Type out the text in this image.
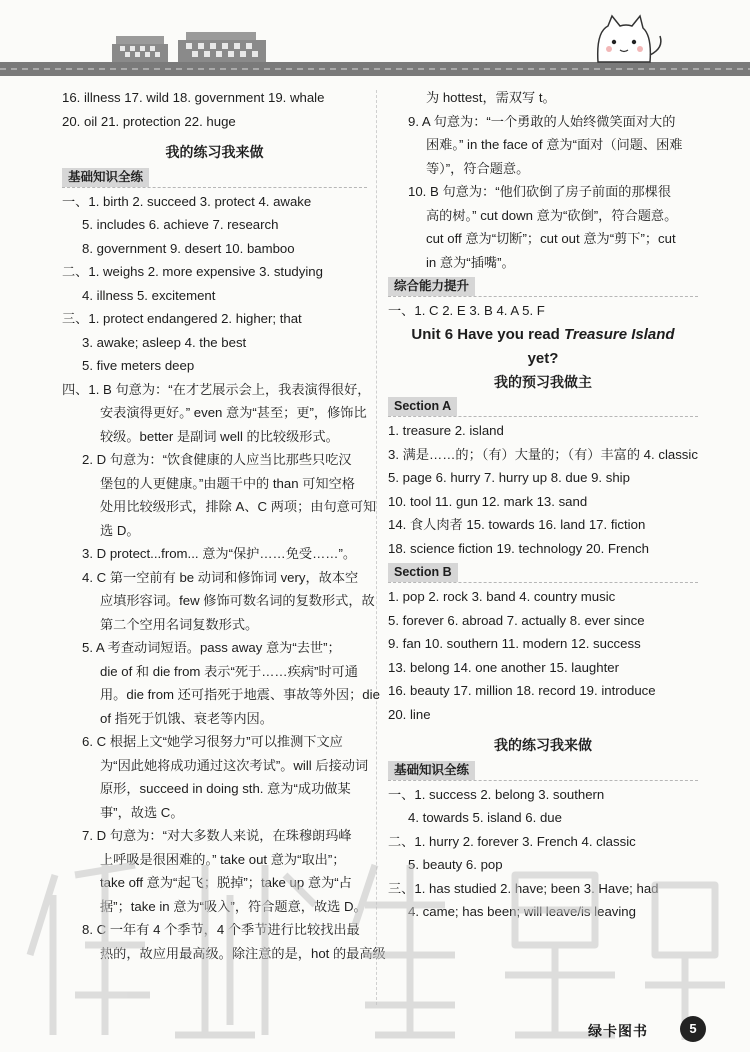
16. illness 17. wild 18. government 19. whale
20. oil 21. protection 22. huge
我的练习我来做
基础知识全练
一、1. birth 2. succeed 3. protect 4. awake
5. includes 6. achieve 7. research
8. government 9. desert 10. bamboo
二、1. weighs 2. more expensive 3. studying
4. illness 5. excitement
三、1. protect endangered 2. higher; that
3. awake; asleep 4. the best
5. five meters deep
四、1. B 句意为：“在才艺展示会上，我表演得很好，
安表演得更好。” even 意为“甚至；更”，修饰比
较级。better 是副词 well 的比较级形式。
2. D 句意为：“饮食健康的人应当比那些只吃汉
堡包的人更健康。”由题干中的 than 可知空格
处用比较级形式，排除 A、C 两项；由句意可知
选 D。
3. D protect...from... 意为“保护……免受……”。
4. C 第一空前有 be 动词和修饰词 very，故本空
应填形容词。few 修饰可数名词的复数形式，故
第二个空用名词复数形式。
5. A 考查动词短语。pass away 意为“去世”；
die of 和 die from 表示“死于……疾病”时可通
用。die from 还可指死于地震、事故等外因；die
of 指死于饥饿、衰老等内因。
6. C 根据上文“她学习很努力”可以推测下文应
为“因此她将成功通过这次考试”。will 后接动词
原形，succeed in doing sth. 意为“成功做某
事”，故选 C。
7. D 句意为：“对大多数人来说，在珠穆朗玛峰
上呼吸是很困难的。” take out 意为“取出”；
take off 意为“起飞；脱掉”；take up 意为“占
据”；take in 意为“吸入”，符合题意，故选 D。
8. C 一年有 4 个季节，4 个季节进行比较找出最
热的，故应用最高级。除注意的是，hot 的最高级
为 hottest，需双写 t。
9. A 句意为：“一个勇敢的人始终微笑面对大的
困难。” in the face of 意为“面对（问题、困难
等）”，符合题意。
10. B 句意为：“他们砍倒了房子前面的那棵很
高的树。” cut down 意为“砍倒”，符合题意。
cut off 意为“切断”；cut out 意为“剪下”；cut
in 意为“插嘴”。
综合能力提升
一、1. C 2. E 3. B 4. A 5. F
Unit 6 Have you read Treasure Island
yet?
我的预习我做主
Section A
1. treasure 2. island
3. 满是……的；（有）大量的；（有）丰富的 4. classic
5. page 6. hurry 7. hurry up 8. due 9. ship
10. tool 11. gun 12. mark 13. sand
14. 食人肉者 15. towards 16. land 17. fiction
18. science fiction 19. technology 20. French
Section B
1. pop 2. rock 3. band 4. country music
5. forever 6. abroad 7. actually 8. ever since
9. fan 10. southern 11. modern 12. success
13. belong 14. one another 15. laughter
16. beauty 17. million 18. record 19. introduce
20. line
我的练习我来做
基础知识全练
一、1. success 2. belong 3. southern
4. towards 5. island 6. due
二、1. hurry 2. forever 3. French 4. classic
5. beauty 6. pop
三、1. has studied 2. have; been 3. Have; had
4. came; has been; will leave/is leaving
绿卡图书	5
